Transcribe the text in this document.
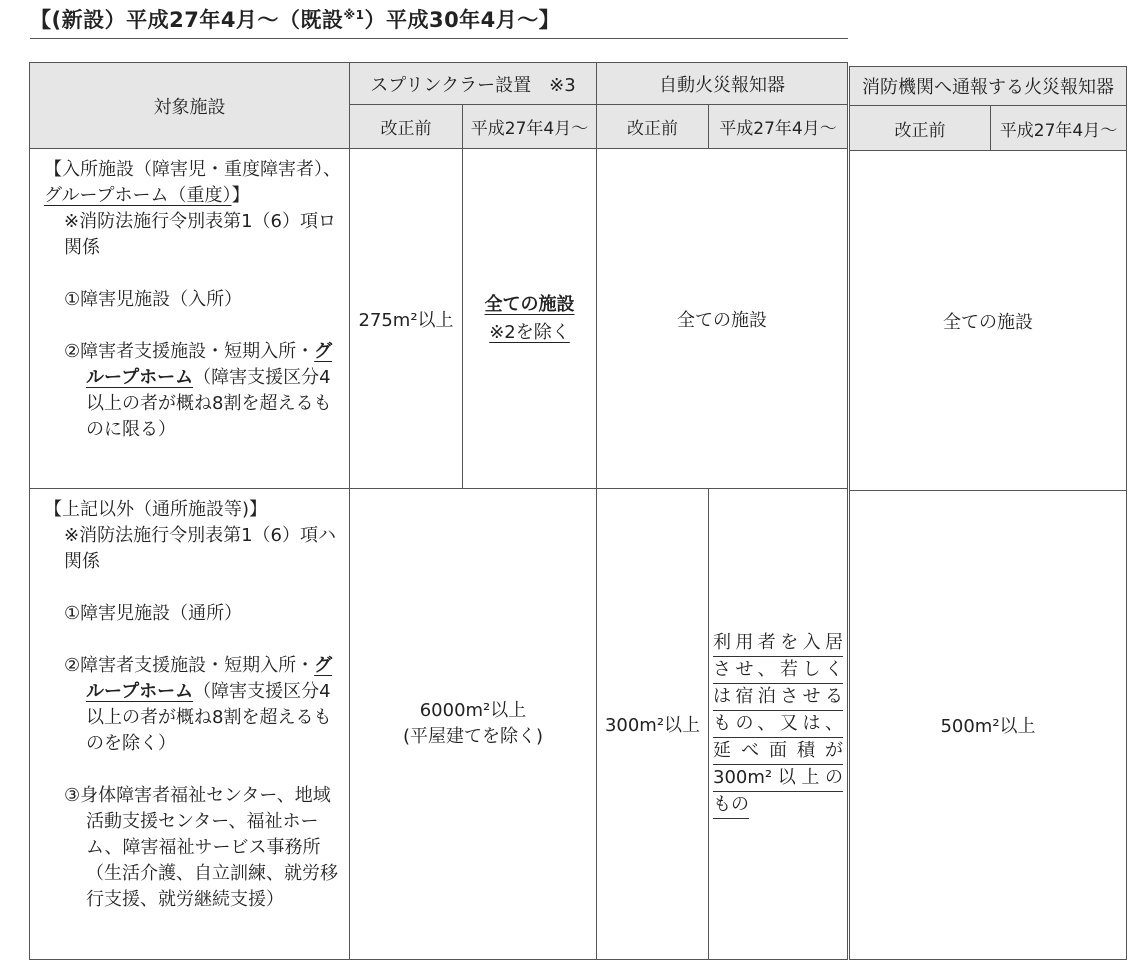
【(新設）平成27年4月～（既設$^{※1}$）平成30年4月～】
対象施設
スプリンクラー設置　※3
改正前 平成27年4月～
自動火災報知器
改正前 平成27年4月～
消防機関へ通報する火災報知器
改正前	平成27年4月～

【入所施設（障害児・重度障害者）、
グループホーム（重度）】

※消防法施行令別表第1（6）項ロ関係

①障害児施設（入所）

②障害者支援施設・短期入所・グループホーム（障害支援区分4以上の者が概ね8割を超えるものに限る）

275m²以上
全ての施設
※2を除く
全ての施設	全ての施設

【上記以外（通所施設等)】

※消防法施行令別表第1（6）項ハ関係

①障害児施設（通所）

②障害者支援施設・短期入所・グループホーム（障害支援区分4以上の者が概ね8割を超えるものを除く）

③身体障害者福祉センター、地域活動支援センター、福祉ホーム、障害福祉サービス事務所（生活介護、自立訓練、就労移行支援、就労継続支援）

6000m²以上
(平屋建てを除く)
300m²以上
利用者を入居
させ、若しく
は宿泊させる
もの、又は、
延べ面積が
300m²以上の
もの
500m²以上
